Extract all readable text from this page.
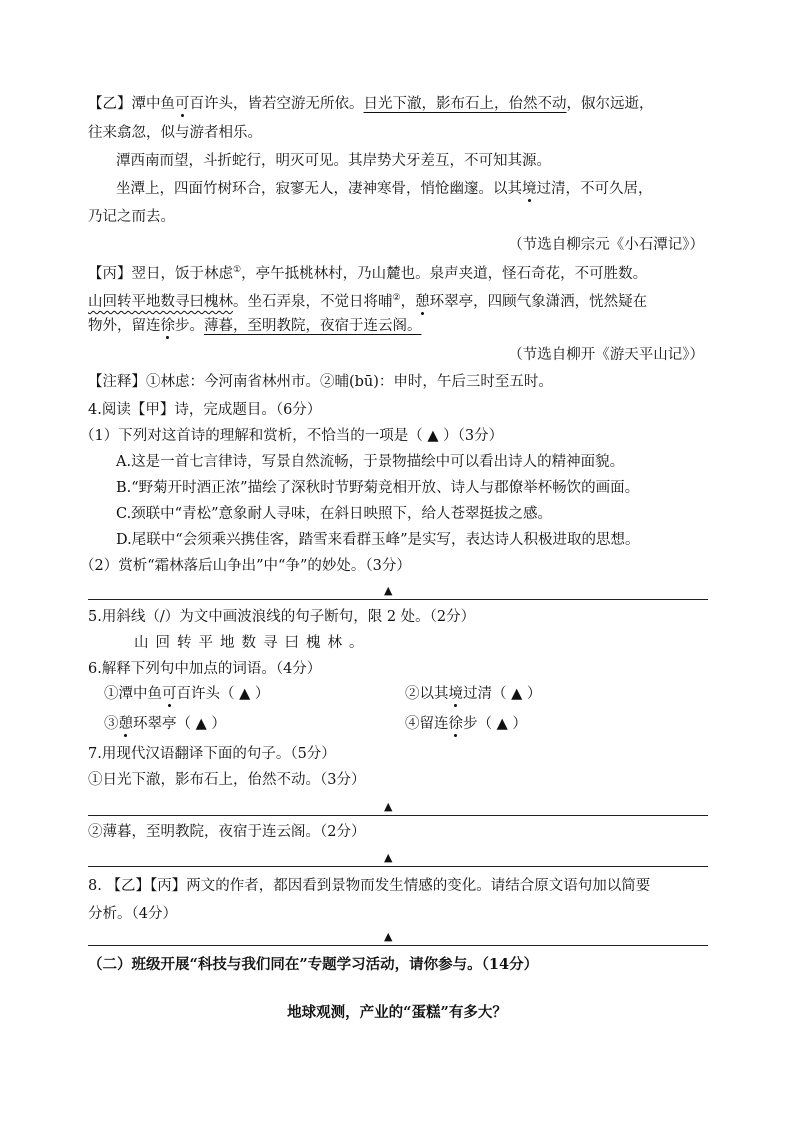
【乙】潭中鱼可百许头，皆若空游无所依。日光下澈，影布石上，佁然不动，俶尔远逝，
往来翕忽，似与游者相乐。
潭西南而望，斗折蛇行，明灭可见。其岸势犬牙差互，不可知其源。
坐潭上，四面竹树环合，寂寥无人，凄神寒骨，悄怆幽邃。以其境过清，不可久居，
乃记之而去。
（节选自柳宗元《小石潭记》）
【丙】翌日，饭于林虑①，亭午抵桃林村，乃山麓也。泉声夹道，怪石奇花，不可胜数。
山回转平地数寻曰槐林。坐石弄泉，不觉日将晡②，憩环翠亭，四顾气象潇洒，恍然疑在
物外，留连徐步。薄暮，至明教院，夜宿于连云阁。
（节选自柳开《游天平山记》）
【注释】①林虑：今河南省林州市。②晡(bū)：申时，午后三时至五时。
4.阅读【甲】诗，完成题目。（6分）
（1）下列对这首诗的理解和赏析，不恰当的一项是（ ▲ ）（3分）
A.这是一首七言律诗，写景自然流畅，于景物描绘中可以看出诗人的精神面貌。
B.“野菊开时酒正浓”描绘了深秋时节野菊竞相开放、诗人与郡僚举杯畅饮的画面。
C.颈联中“青松”意象耐人寻味，在斜日映照下，给人苍翠挺拔之感。
D.尾联中“会须乘兴携佳客，踏雪来看群玉峰”是实写，表达诗人积极进取的思想。
（2）赏析“霜林落后山争出”中“争”的妙处。（3分）
▲
5.用斜线（/）为文中画波浪线的句子断句，限 2 处。（2分）
山回转平地数寻曰槐林。
6.解释下列句中加点的词语。（4分）
①潭中鱼可百许头（ ▲ ）	②以其境过清（ ▲ ）
③憩环翠亭（ ▲ ）	④留连徐步（ ▲ ）
7.用现代汉语翻译下面的句子。（5分）
①日光下澈，影布石上，佁然不动。（3分）
▲
②薄暮，至明教院，夜宿于连云阁。（2分）
▲
8. 【乙】【丙】两文的作者，都因看到景物而发生情感的变化。请结合原文语句加以简要
分析。（4分）
▲
（二）班级开展“科技与我们同在”专题学习活动，请你参与。（14分）
地球观测，产业的“蛋糕”有多大？
